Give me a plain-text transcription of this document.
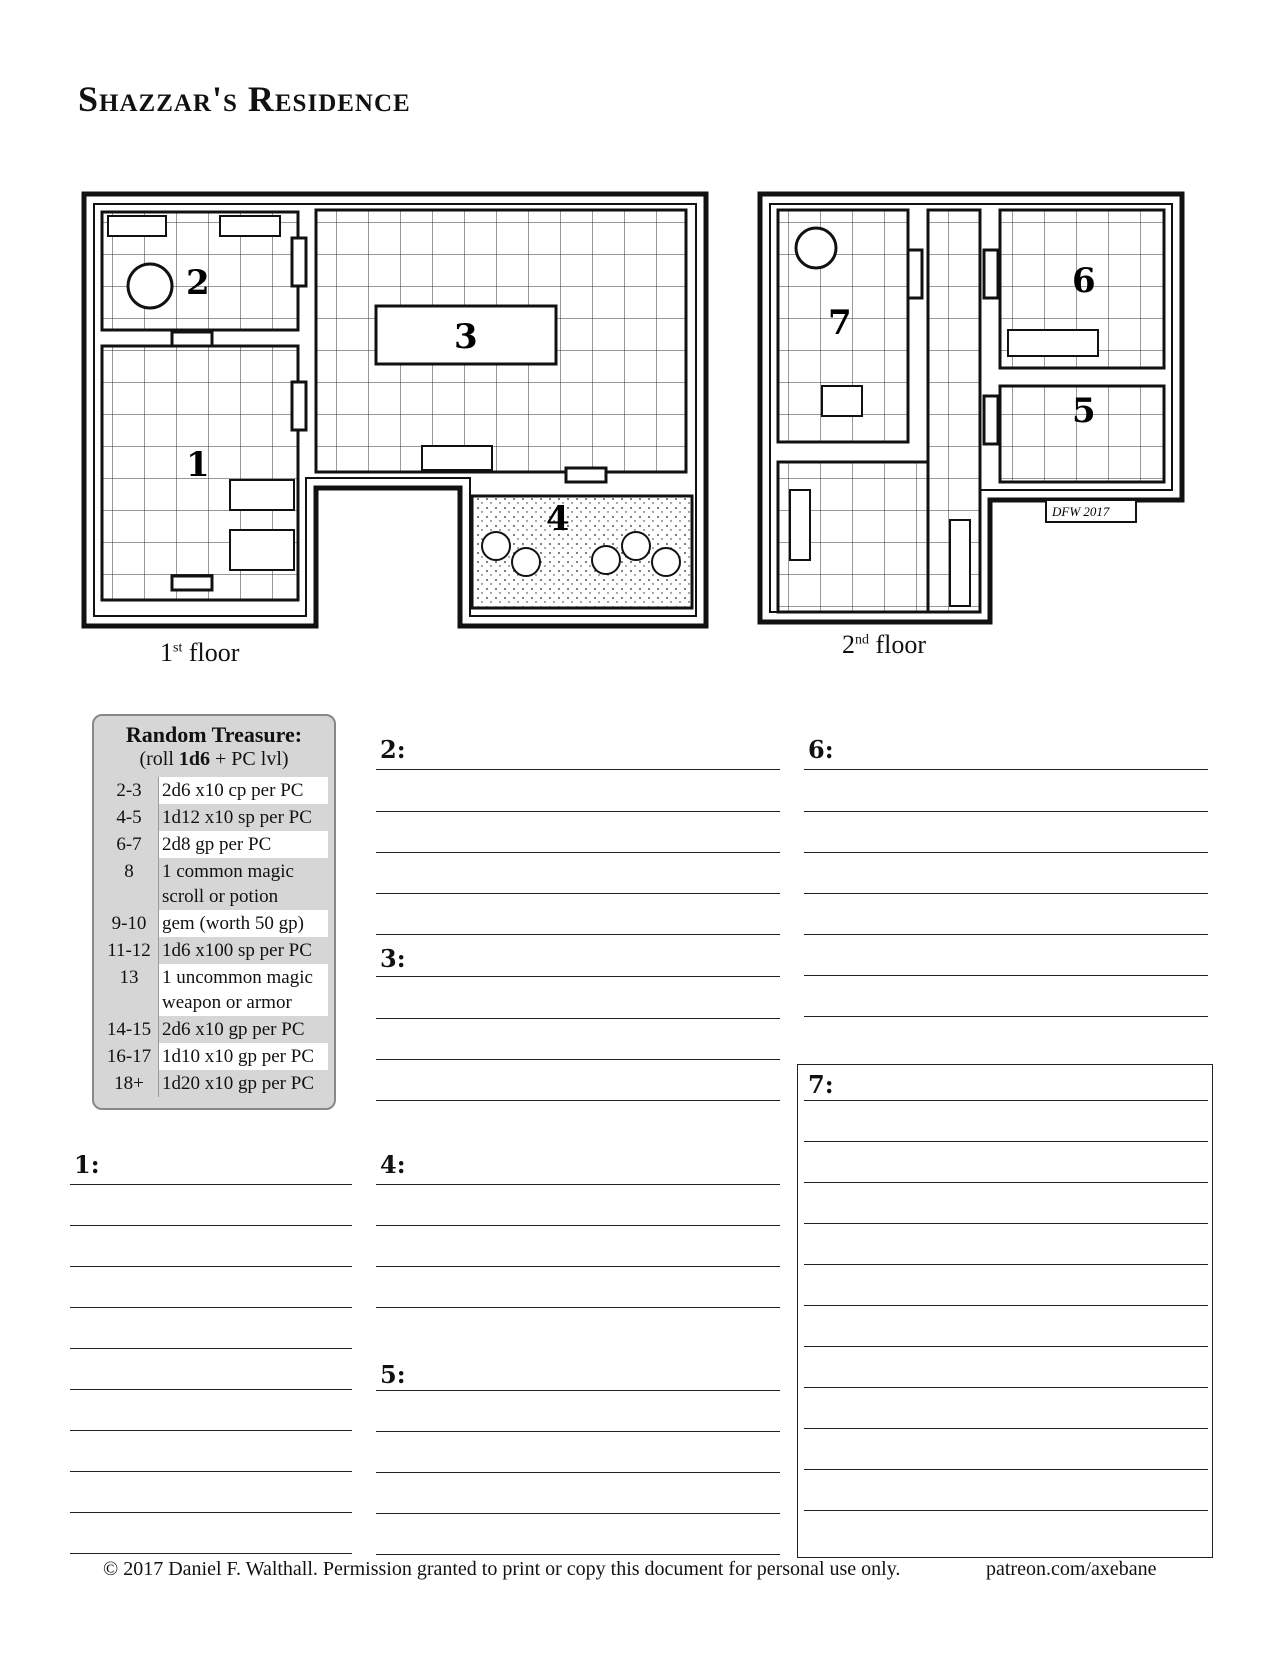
Shazzar's Residence
2
1
3
4
1st floor
DFW 2017
7
6
5
2nd floor
Random Treasure:
(roll 1d6 + PC lvl)
2-3	2d6 x10 cp per PC
4-5	1d12 x10 sp per PC
6-7	2d8 gp per PC
8	1 common magic scroll or potion
9-10	gem (worth 50 gp)
11-12	1d6 x100 sp per PC
13	1 uncommon magic weapon or armor
14-15	2d6 x10 gp per PC
16-17	1d10 x10 gp per PC
18+	1d20 x10 gp per PC
1:
2:
3:
4:
5:
6:
7:
© 2017 Daniel F. Walthall. Permission granted to print or copy this document for personal use only.	patreon.com/axebane
